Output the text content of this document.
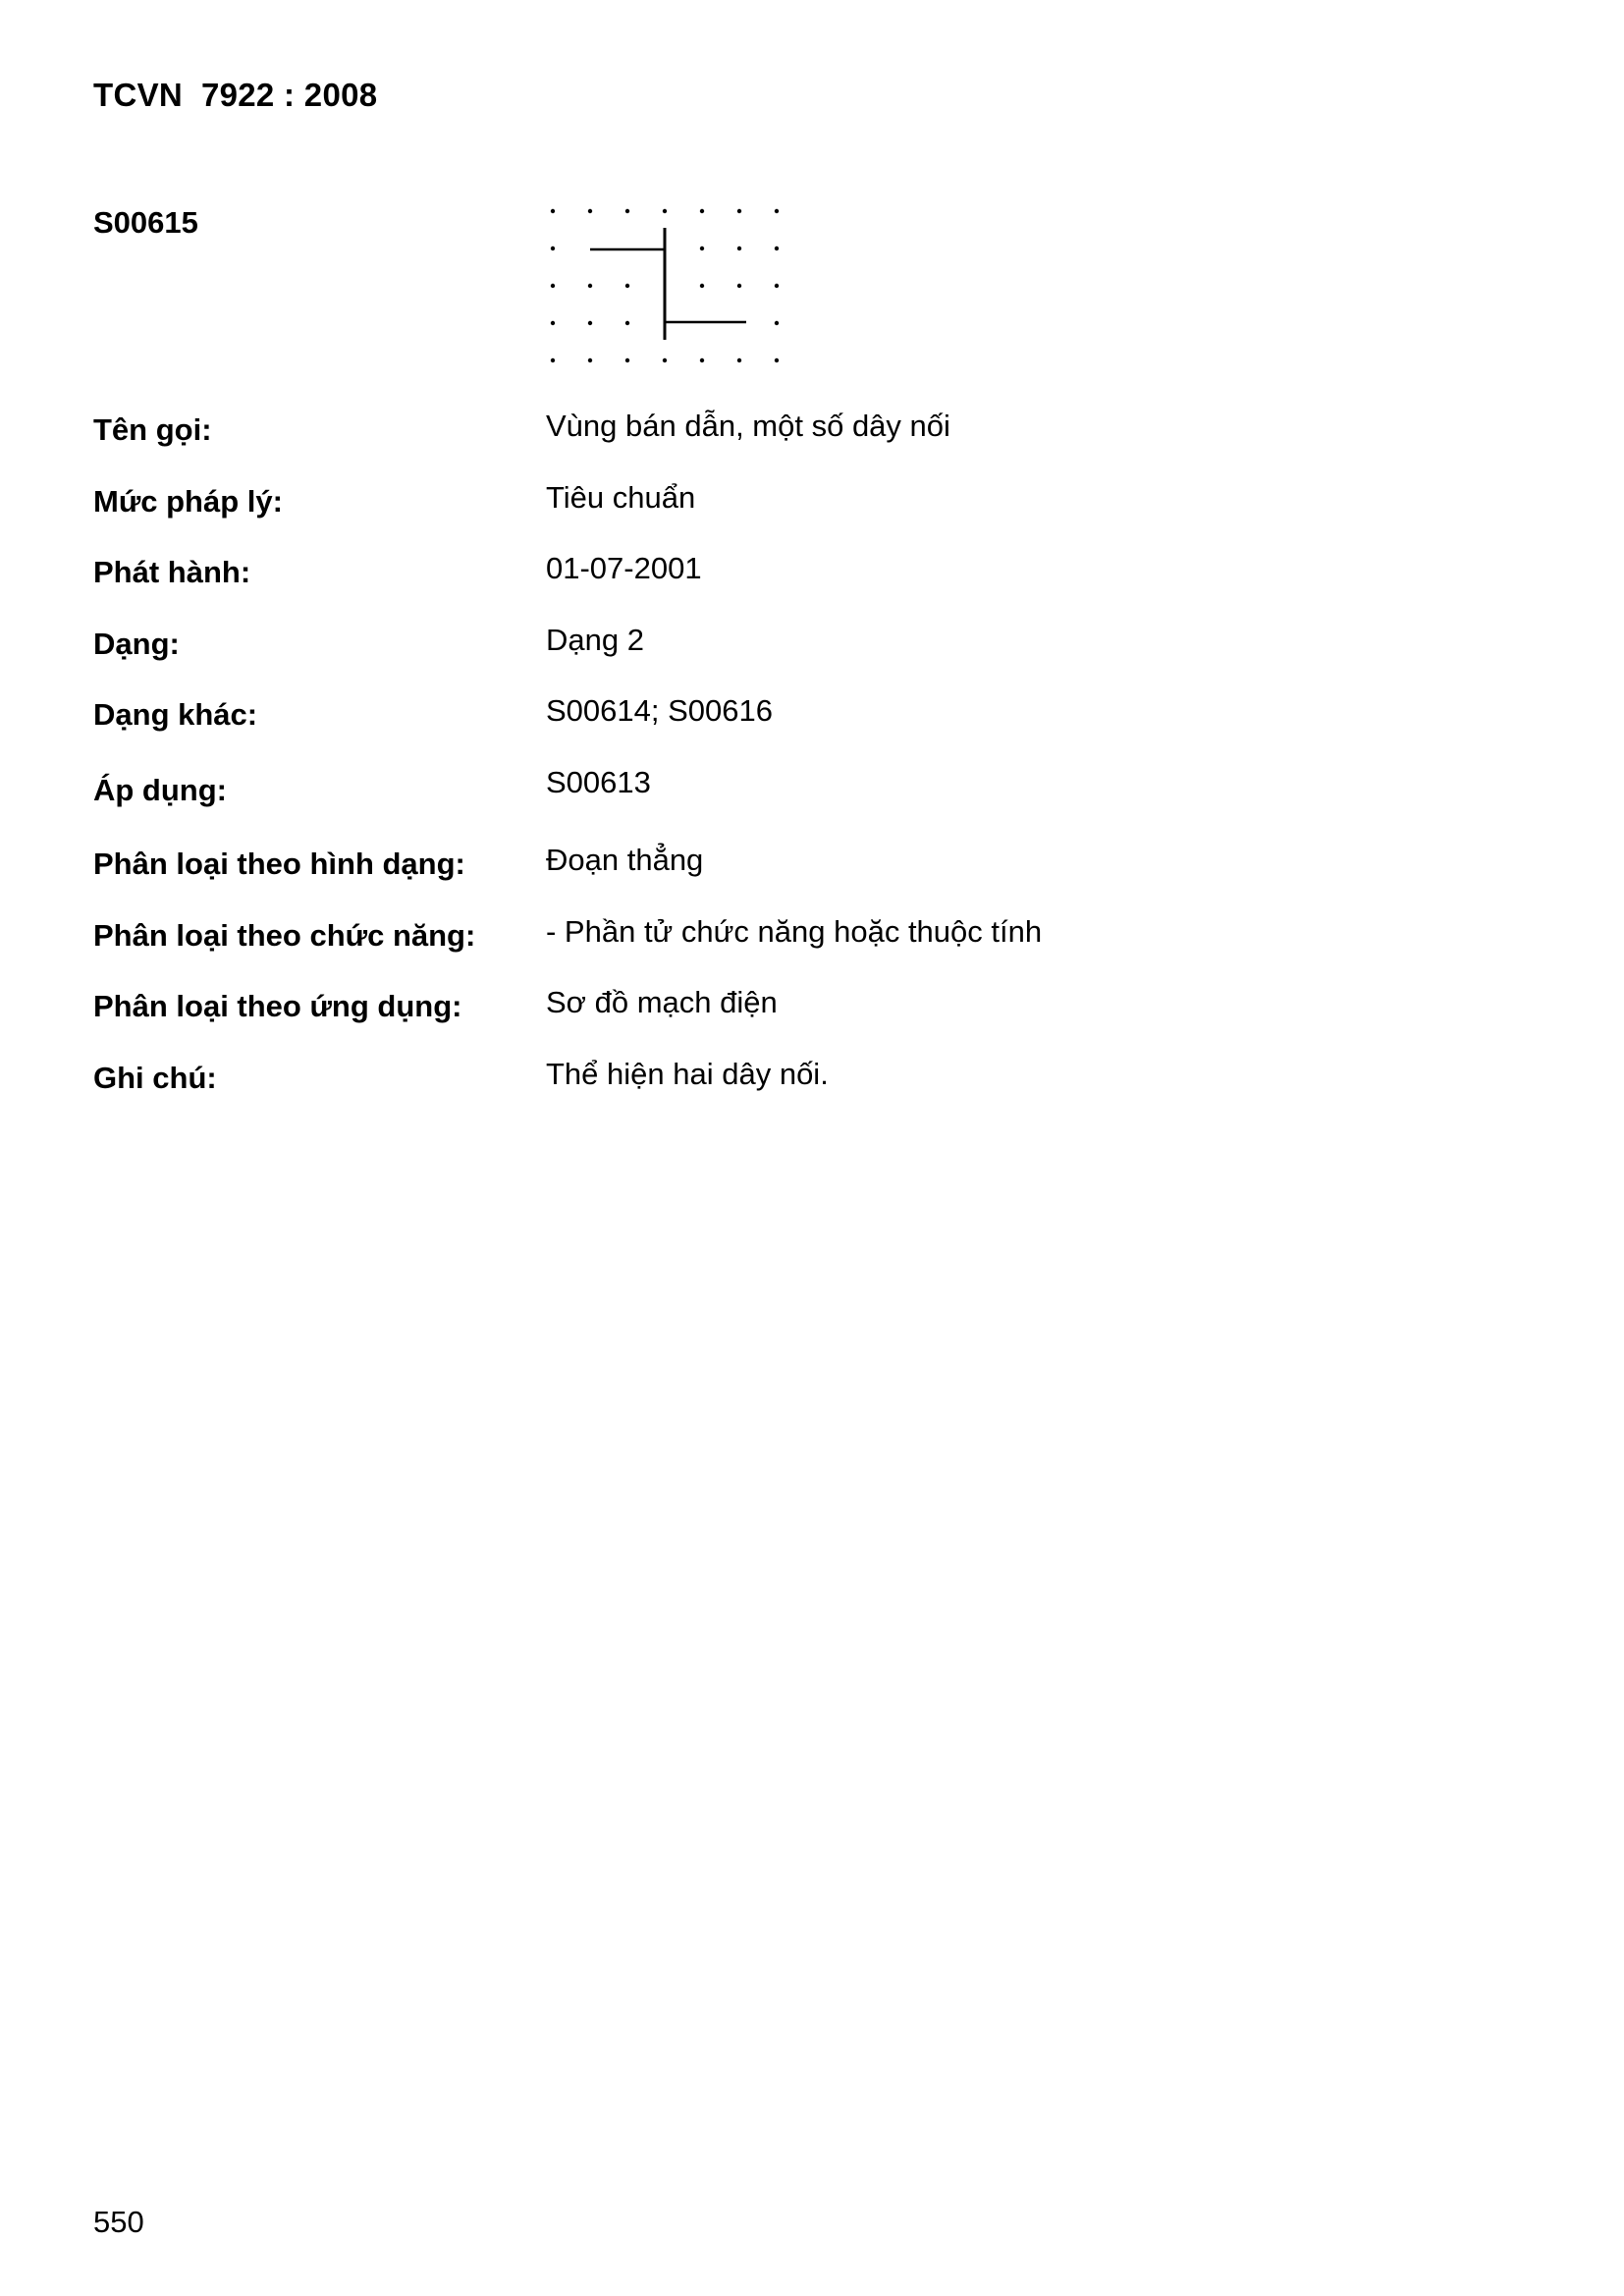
TCVN  7922 : 2008
S00615
Tên gọi:	Vùng bán dẫn, một số dây nối
Mức pháp lý:	Tiêu chuẩn
Phát hành:	01-07-2001
Dạng:	Dạng 2
Dạng khác:	S00614; S00616
Áp dụng:	S00613
Phân loại theo hình dạng:	Đoạn thẳng
Phân loại theo chức năng: - Phần tử chức năng hoặc thuộc tính
Phân loại theo ứng dụng:	Sơ đồ mạch điện
Ghi chú:	Thể hiện hai dây nối.
550
